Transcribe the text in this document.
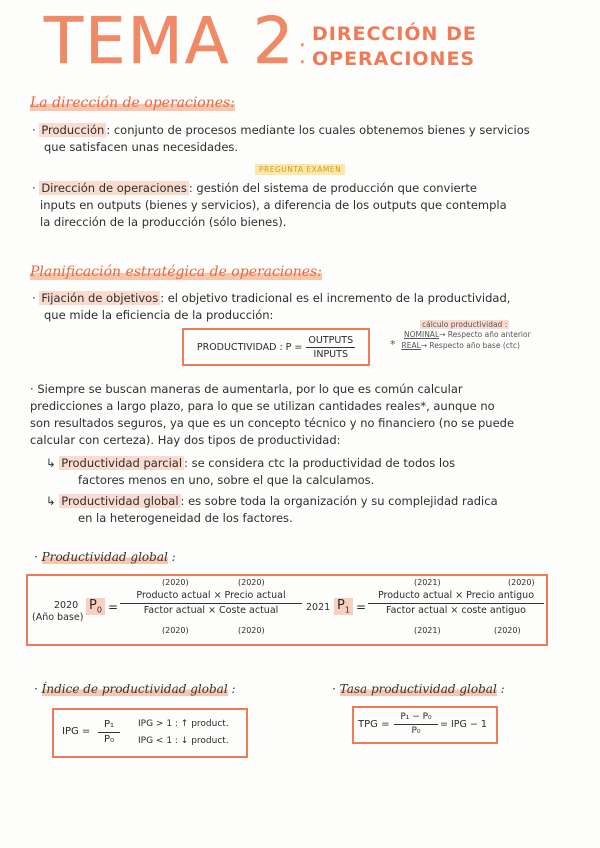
TEMA 2: DIRECCIÓN DE
OPERACIONES
La dirección de operaciones:
· Producción : conjunto de procesos mediante los cuales obtenemos bienes y servicios
que satisfacen unas necesidades.
PREGUNTA EXAMEN
· Dirección de operaciones : gestión del sistema de producción que convierte
inputs en outputs (bienes y servicios), a diferencia de los outputs que contempla
la dirección de la producción (sólo bienes).
Planificación estratégica de operaciones:
· Fijación de objetivos : el objetivo tradicional es el incremento de la productividad,
que mide la eficiencia de la producción:
PRODUCTIVIDAD : $P = \frac{\text{OUTPUTS}}{\text{INPUTS}}$
cálculo productividad :
NOMINAL→ Respecto año anterior
* REAL→ Respecto año base (ctc)
· Siempre se buscan maneras de aumentarla, por lo que es común calcular
predicciones a largo plazo, para lo que se utilizan cantidades reales*, aunque no
son resultados seguros, ya que es un concepto técnico y no financiero (no se puede
calcular con certeza). Hay dos tipos de productividad:
↳ Productividad parcial : se considera ctc la productividad de todos los
factores menos en uno, sobre el que la calculamos.
↳ Productividad global : es sobre toda la organización y su complejidad radica
en la heterogeneidad de los factores.
· Productividad global :
2020
(Año base)
$P_0$ =
(2020)	(2020)
Producto actual × Precio actual
Factor actual × Coste actual
(2020)	(2020)
2021 $P_1$ =
(2021)	(2020)
Producto actual × Precio antiguo
Factor actual × coste antiguo
(2021)	(2020)
· Índice de productividad global :
IPG = $\frac{\text{P₁}}{\text{P₀}}$ IPG > 1 : ↑ product.
IPG < 1 : ↓ product.
· Tasa productividad global :
TPG = $\frac{\text{P₁ − P₀}}{\text{P₀}}$ = IPG − 1
